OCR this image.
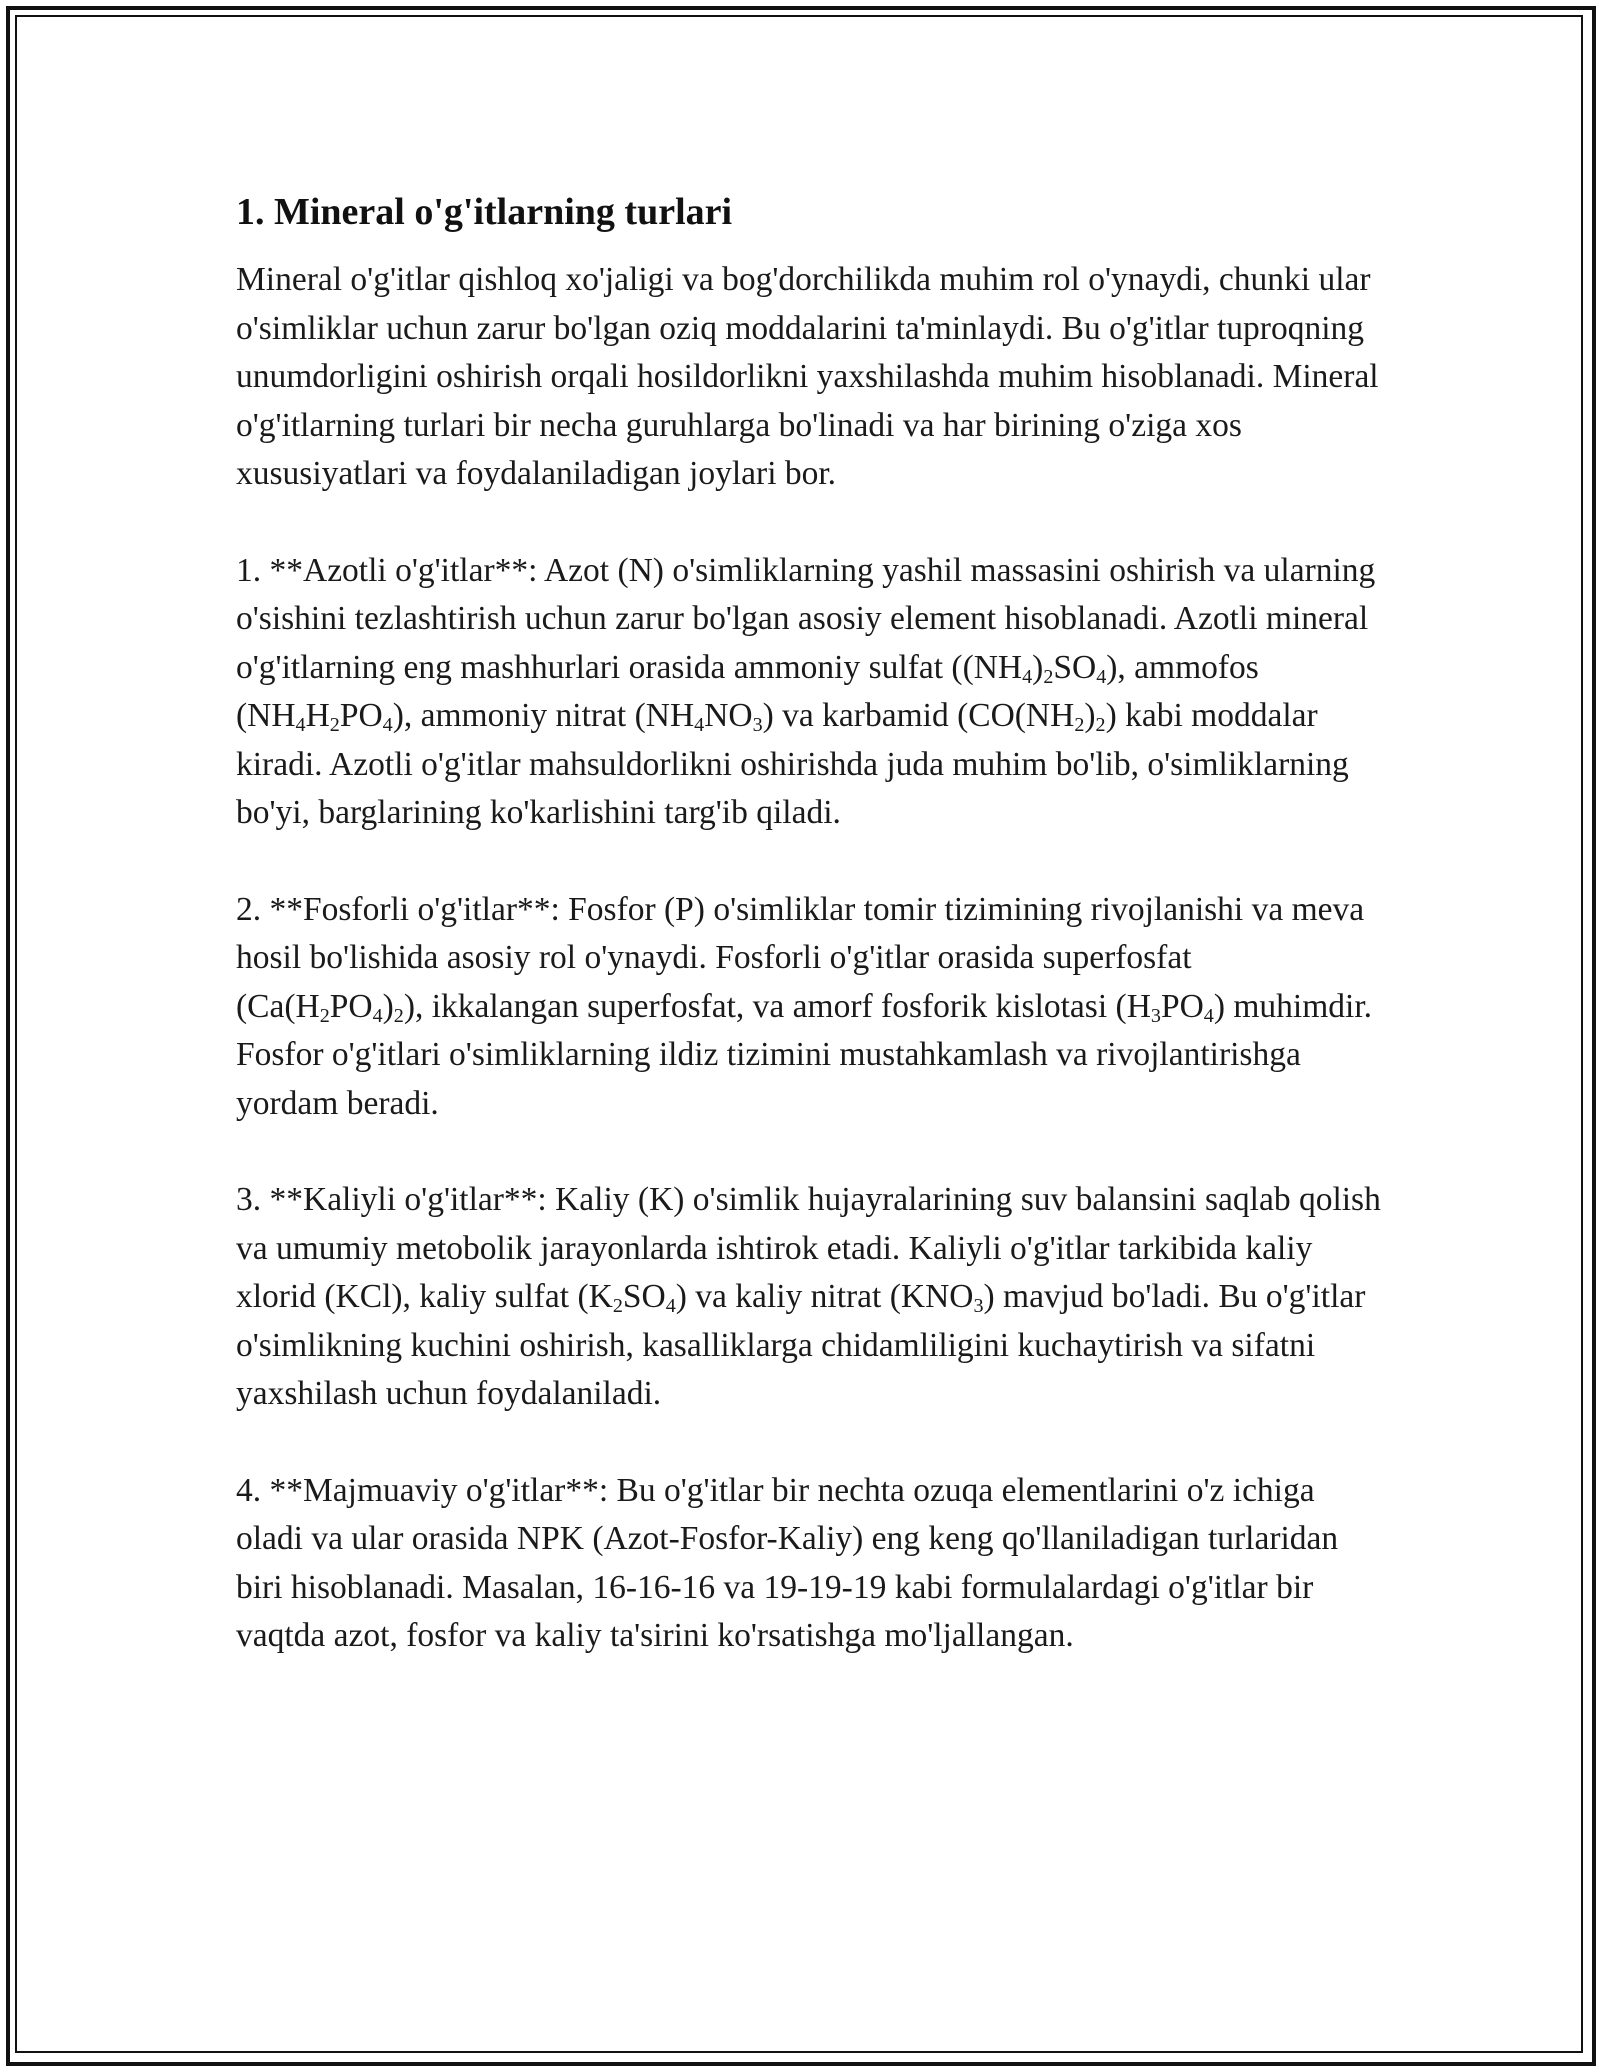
1. Mineral o'g'itlarning turlari

Mineral o'g'itlar qishloq xo'jaligi va bog'dorchilikda muhim rol o'ynaydi, chunki ular o'simliklar uchun zarur bo'lgan oziq moddalarini ta'minlaydi. Bu o'g'itlar tuproqning unumdorligini oshirish orqali hosildorlikni yaxshilashda muhim hisoblanadi. Mineral o'g'itlarning turlari bir necha guruhlarga bo'linadi va har birining o'ziga xos xususiyatlari va foydalaniladigan joylari bor.

1. **Azotli o'g'itlar**: Azot (N) o'simliklarning yashil massasini oshirish va ularning o'sishini tezlashtirish uchun zarur bo'lgan asosiy element hisoblanadi. Azotli mineral o'g'itlarning eng mashhurlari orasida ammoniy sulfat $((NH_4)_2SO_4)$, ammofos $(NH_4H_2PO_4)$, ammoniy nitrat $(NH_4NO_3)$ va karbamid $(CO(NH_2)_2)$ kabi moddalar kiradi. Azotli o'g'itlar mahsuldorlikni oshirishda juda muhim bo'lib, o'simliklarning bo'yi, barglarining ko'karlishini targ'ib qiladi.

2. **Fosforli o'g'itlar**: Fosfor (P) o'simliklar tomir tizimining rivojlanishi va meva hosil bo'lishida asosiy rol o'ynaydi. Fosforli o'g'itlar orasida superfosfat $(Ca(H_2PO_4)_2)$, ikkalangan superfosfat, va amorf fosforik kislotasi $(H_3PO_4)$ muhimdir. Fosfor o'g'itlari o'simliklarning ildiz tizimini mustahkamlash va rivojlantirishga yordam beradi.

3. **Kaliyli o'g'itlar**: Kaliy (K) o'simlik hujayralarining suv balansini saqlab qolish va umumiy metobolik jarayonlarda ishtirok etadi. Kaliyli o'g'itlar tarkibida kaliy xlorid (KCl), kaliy sulfat $(K_2SO_4)$ va kaliy nitrat $(KNO_3)$ mavjud bo'ladi. Bu o'g'itlar o'simlikning kuchini oshirish, kasalliklarga chidamliligini kuchaytirish va sifatni yaxshilash uchun foydalaniladi.

4. **Majmuaviy o'g'itlar**: Bu o'g'itlar bir nechta ozuqa elementlarini o'z ichiga oladi va ular orasida NPK (Azot-Fosfor-Kaliy) eng keng qo'llaniladigan turlaridan biri hisoblanadi. Masalan, 16-16-16 va 19-19-19 kabi formulalardagi o'g'itlar bir vaqtda azot, fosfor va kaliy ta'sirini ko'rsatishga mo'ljallangan.
